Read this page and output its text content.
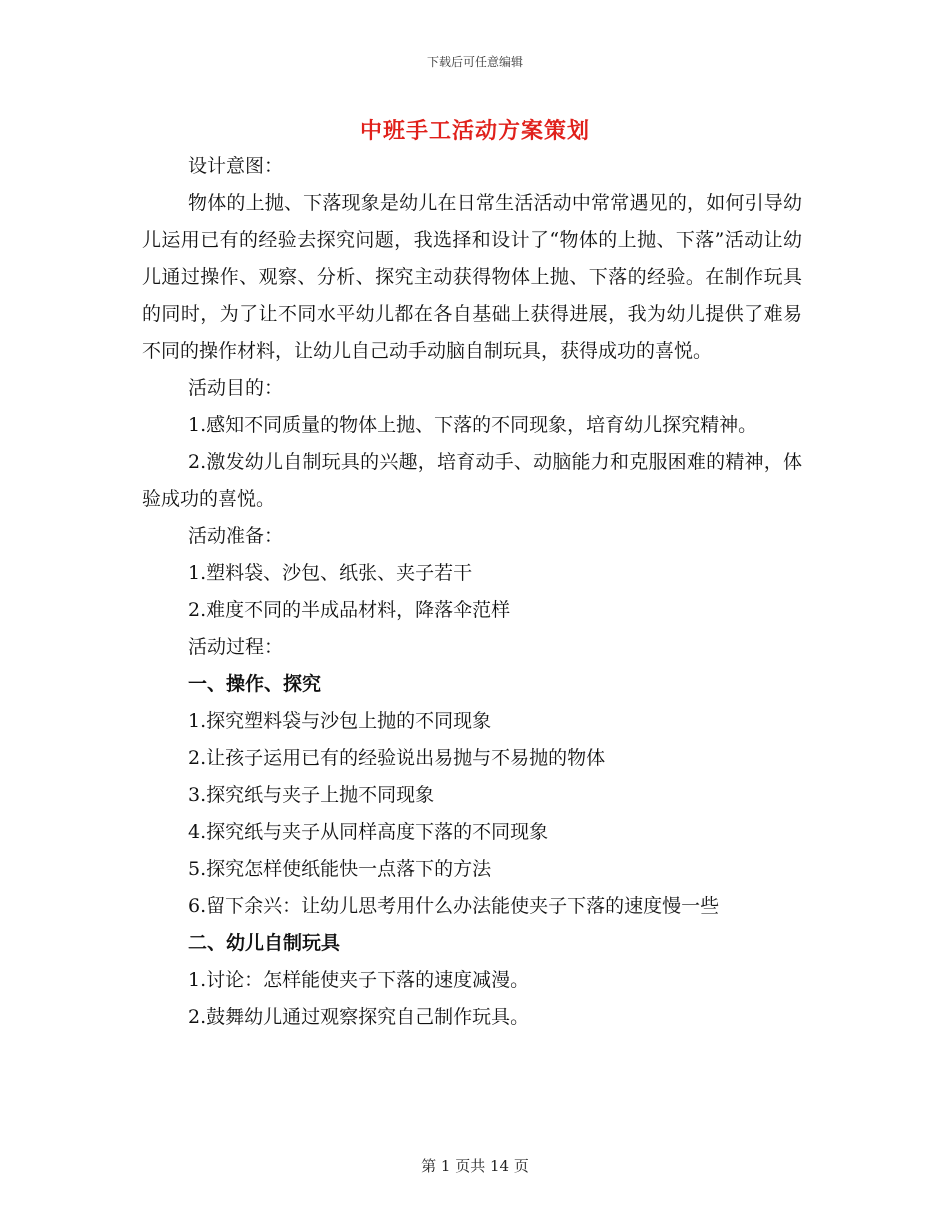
下载后可任意编辑
中班手工活动方案策划

设计意图：

物体的上抛、下落现象是幼儿在日常生活活动中常常遇见的，如何引导幼儿运用已有的经验去探究问题，我选择和设计了“物体的上抛、下落”活动让幼儿通过操作、观察、分析、探究主动获得物体上抛、下落的经验。在制作玩具的同时，为了让不同水平幼儿都在各自基础上获得进展，我为幼儿提供了难易不同的操作材料，让幼儿自己动手动脑自制玩具，获得成功的喜悦。

活动目的：

1.感知不同质量的物体上抛、下落的不同现象，培育幼儿探究精神。

2.激发幼儿自制玩具的兴趣，培育动手、动脑能力和克服困难的精神，体验成功的喜悦。

活动准备：

1.塑料袋、沙包、纸张、夹子若干

2.难度不同的半成品材料，降落伞范样

活动过程：

一、操作、探究

1.探究塑料袋与沙包上抛的不同现象

2.让孩子运用已有的经验说出易抛与不易抛的物体

3.探究纸与夹子上抛不同现象

4.探究纸与夹子从同样高度下落的不同现象

5.探究怎样使纸能快一点落下的方法

6.留下余兴：让幼儿思考用什么办法能使夹子下落的速度慢一些

二、幼儿自制玩具

1.讨论：怎样能使夹子下落的速度减漫。

2.鼓舞幼儿通过观察探究自己制作玩具。

第 1 页共 14 页
